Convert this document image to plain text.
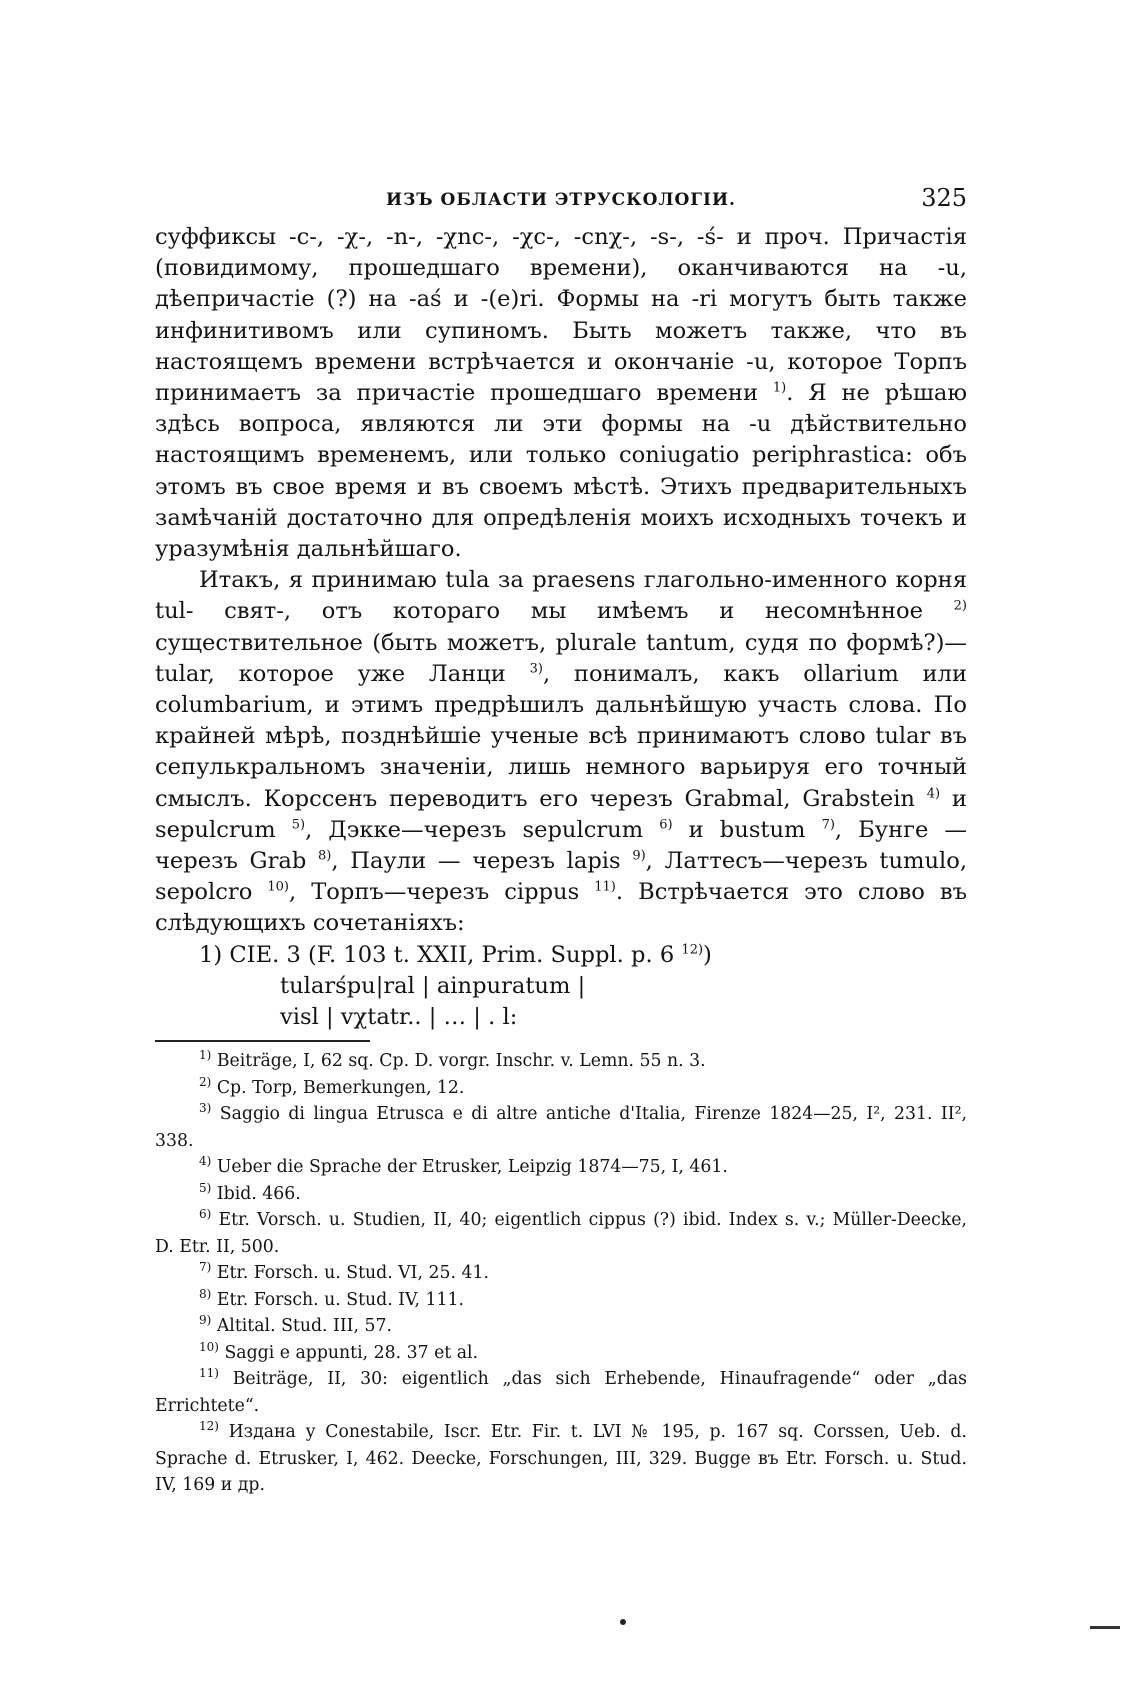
ИЗЪ ОБЛАСТИ ЭТРУСКОЛОГІИ.	325

суффиксы -c-, -χ-, -n-, -χnc-, -χc-, -cnχ-, -s-, -ś- и проч. Причастія (повидимому, прошедшаго времени), оканчиваются на -u, дѣепричастіе (?) на -aś и -(e)ri. Формы на -ri могутъ быть также инфинитивомъ или супиномъ. Быть можетъ также, что въ настоящемъ времени встрѣчается и окончаніе -u, которое Торпъ принимаетъ за причастіе прошедшаго времени $^{1)}$. Я не рѣшаю здѣсь вопроса, являются ли эти формы на -u дѣйствительно настоящимъ временемъ, или только coniugatio periphrastica: объ этомъ въ свое время и въ своемъ мѣстѣ. Этихъ предварительныхъ замѣчаній достаточно для опредѣленія моихъ исходныхъ точекъ и уразумѣнія дальнѣйшаго.

Итакъ, я принимаю tula за praesens глагольно-именного корня tul- свят-, отъ котораго мы имѣемъ и несомнѣнное $^{2)}$ существительное (быть можетъ, plurale tantum, судя по формѣ?)—tular, которое уже Ланци $^{3)}$, понималъ, какъ ollarium или columbarium, и этимъ предрѣшилъ дальнѣйшую участь слова. По крайней мѣрѣ, позднѣйшіе ученые всѣ принимаютъ слово tular въ сепулькральномъ значеніи, лишь немного варьируя его точный смыслъ. Корссенъ переводитъ его черезъ Grabmal, Grabstein $^{4)}$ и sepulcrum $^{5)}$, Дэкке—черезъ sepulcrum $^{6)}$ и bustum $^{7)}$, Бунге — черезъ Grab $^{8)}$, Паули — черезъ lapis $^{9)}$, Латтесъ—черезъ tumulo, sepolcro $^{10)}$, Торпъ—черезъ cippus $^{11)}$. Встрѣчается это слово въ слѣдующихъ сочетаніяхъ:

1) CIE. 3 (F. 103 t. XXII, Prim. Suppl. p. 6 $^{12)}$)

tularśpu|ral | ainpuratum |

visl | vχtatr.. | … | . l:

$^{1)}$ Beiträge, I, 62 sq. Cp. D. vorgr. Inschr. v. Lemn. 55 n. 3.

$^{2)}$ Cp. Torp, Bemerkungen, 12.

$^{3)}$ Saggio di lingua Etrusca e di altre antiche d'Italia, Firenze 1824—25, I², 231. II², 338.

$^{4)}$ Ueber die Sprache der Etrusker, Leipzig 1874—75, I, 461.

$^{5)}$ Ibid. 466.

$^{6)}$ Etr. Vorsch. u. Studien, II, 40; eigentlich cippus (?) ibid. Index s. v.; Müller-Deecke, D. Etr. II, 500.

$^{7)}$ Etr. Forsch. u. Stud. VI, 25. 41.

$^{8)}$ Etr. Forsch. u. Stud. IV, 111.

$^{9)}$ Altital. Stud. III, 57.

$^{10)}$ Saggi e appunti, 28. 37 et al.

$^{11)}$ Beiträge, II, 30: eigentlich „das sich Erhebende, Hinaufragende“ oder „das Errichtete“.

$^{12)}$ Издана у Conestabile, Iscr. Etr. Fir. t. LVI № 195, p. 167 sq. Corssen, Ueb. d. Sprache d. Etrusker, I, 462. Deecke, Forschungen, III, 329. Bugge въ Etr. Forsch. u. Stud. IV, 169 и др.
